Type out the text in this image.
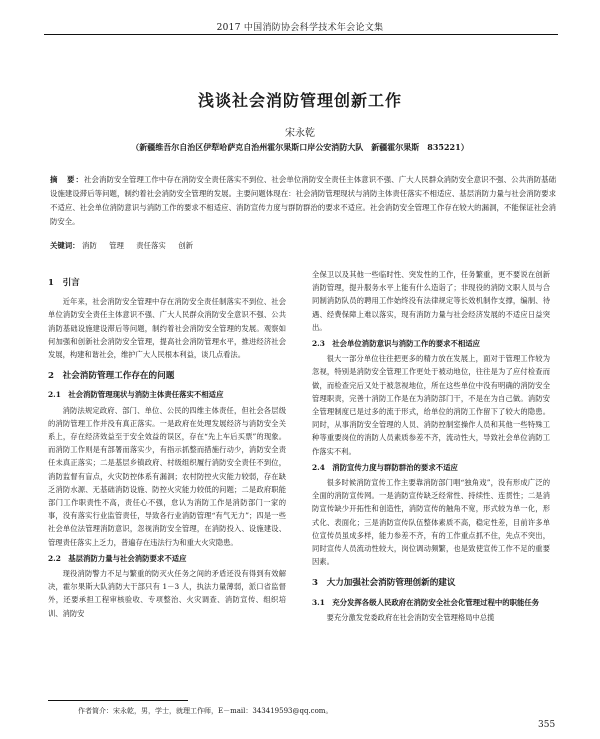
2017 中国消防协会科学技术年会论文集
浅谈社会消防管理创新工作
宋永乾
（新疆维吾尔自治区伊犁哈萨克自治州霍尔果斯口岸公安消防大队　新疆霍尔果斯　835221）
摘　要：社会消防安全管理工作中存在消防安全责任落实不到位、社会单位消防安全责任主体意识不强、广大人民群众消防安全意识不强、公共消防基础设施建设滞后等问题，制约着社会消防安全管理的发展。主要问题体现在：社会消防管理现状与消防主体责任落实不相适应、基层消防力量与社会消防要求不适应、社会单位消防意识与消防工作的要求不相适应、消防宣传力度与群防群治的要求不适应。社会消防安全管理工作存在较大的漏洞，不能保证社会消防安全。
关键词： 消防 管理 责任落实 创新
1　引言

近年来，社会消防安全管理中存在消防安全责任制落实不到位、社会单位消防安全责任主体意识不强、广大人民群众消防安全意识不强、公共消防基础设施建设滞后等问题，制约着社会消防安全管理的发展。观察如何加强和创新社会消防安全管理，提高社会消防管理水平，推进经济社会发展，构建和谐社会，维护广大人民根本利益，谈几点看法。

2　社会消防管理工作存在的问题
2.1　社会消防管理现状与消防主体责任落实不相适应

消防法规定政府、部门、单位、公民的四维主体责任，但社会各层级的消防管理工作并没有真正落实。一是政府在处理发展经济与消防安全关系上，存在经济效益至于安全效益的误区，存在“先上车后买票”的现象。而消防工作则是有部署而落实少，有指示抓整而措施行动少，消防安全责任未真正落实；二是基层乡镇政府、村级组织履行消防安全责任不到位，消防监督有盲点，火灾防控体系有漏洞；农村防控火灾能力较弱，存在缺乏消防水源、无基础消防设施、防控火灾能力较低的问题；二是政府职能部门工作职责性不高，责任心不强，怠认为消防工作是消防部门一家的事，没有落实行业监管责任，导致各行业消防管理“有气无力”；四是一些社会单位法管理消防意识，忽视消防安全管理，在消防投入、设施建设、管理责任落实上乏力，普遍存在违法行为和重大火灾隐患。

2.2　基层消防力量与社会消防要求不适应

现役消防警力不足与繁重的防灭火任务之间的矛盾还没有得到有效解决，霍尔果斯大队消防大干部只有 1－3 人，执法力量薄弱，派口省监督外，还要承担工程审核验收、专项整治、火灾调查、消防宣传、组织培训、消防安

全保卫以及其他一些临时性、突发性的工作，任务繁重，更不要说在创新消防管理，提升服务水平上能有什么造诣了；非现役的消防文职人员与合同制消防队员的聘用工作始终没有法律规定等长效机制作支撑，编制、待遇、经费保障上难以落实，现有消防力量与社会经济发展的不适应日益突出。

2.3　社会单位消防意识与消防工作的要求不相适应

很大一部分单位往往把更多的精力放在发展上，面对于管理工作较为忽视，特别是消防安全管理工作更处于被动地位，往往是为了应付检查而做，而检查完后又处于被忽视地位，所在这些单位中没有明确的消防安全管理职责，完善十消防工作是在为消防部门干，不是在为自己做。消防安全管理制度已是过多的流于形式，给单位的消防工作留下了较大的隐患。同时，从事消防安全管理的人员、消防控制室操作人员和其他一些特殊工种等重要岗位的消防人员素质参差不齐，流动性大，导致社会单位消防工作落实不利。

2.4　消防宣传力度与群防群治的要求不适应

很多时候消防宣传工作主要靠消防部门唱“独角戏”，没有形成广泛的全面的消防宣传网。一是消防宣传缺乏经常性、持续性、连贯性；二是消防宣传缺少开拓性和创造性，消防宣传的触角不宽，形式较为单一化，形式化、表面化；三是消防宣传队伍整体素质不高，稳定性差，目前许多单位宣传员虽成多样，能力参差不齐，有的工作重点抓不住，先点不突出，同时宣传人员流动性较大，岗位调动频繁，也是致使宣传工作不足的重要因素。

3　大力加强社会消防管理创新的建议
3.1　充分发挥各级人民政府在消防安全社会化管理过程中的职能任务

要充分激发党委政府在社会消防安全管理格局中总揽

作者简介：宋永乾，男，学士，就理工作师，E－mail：343419593@qq.com。
355
